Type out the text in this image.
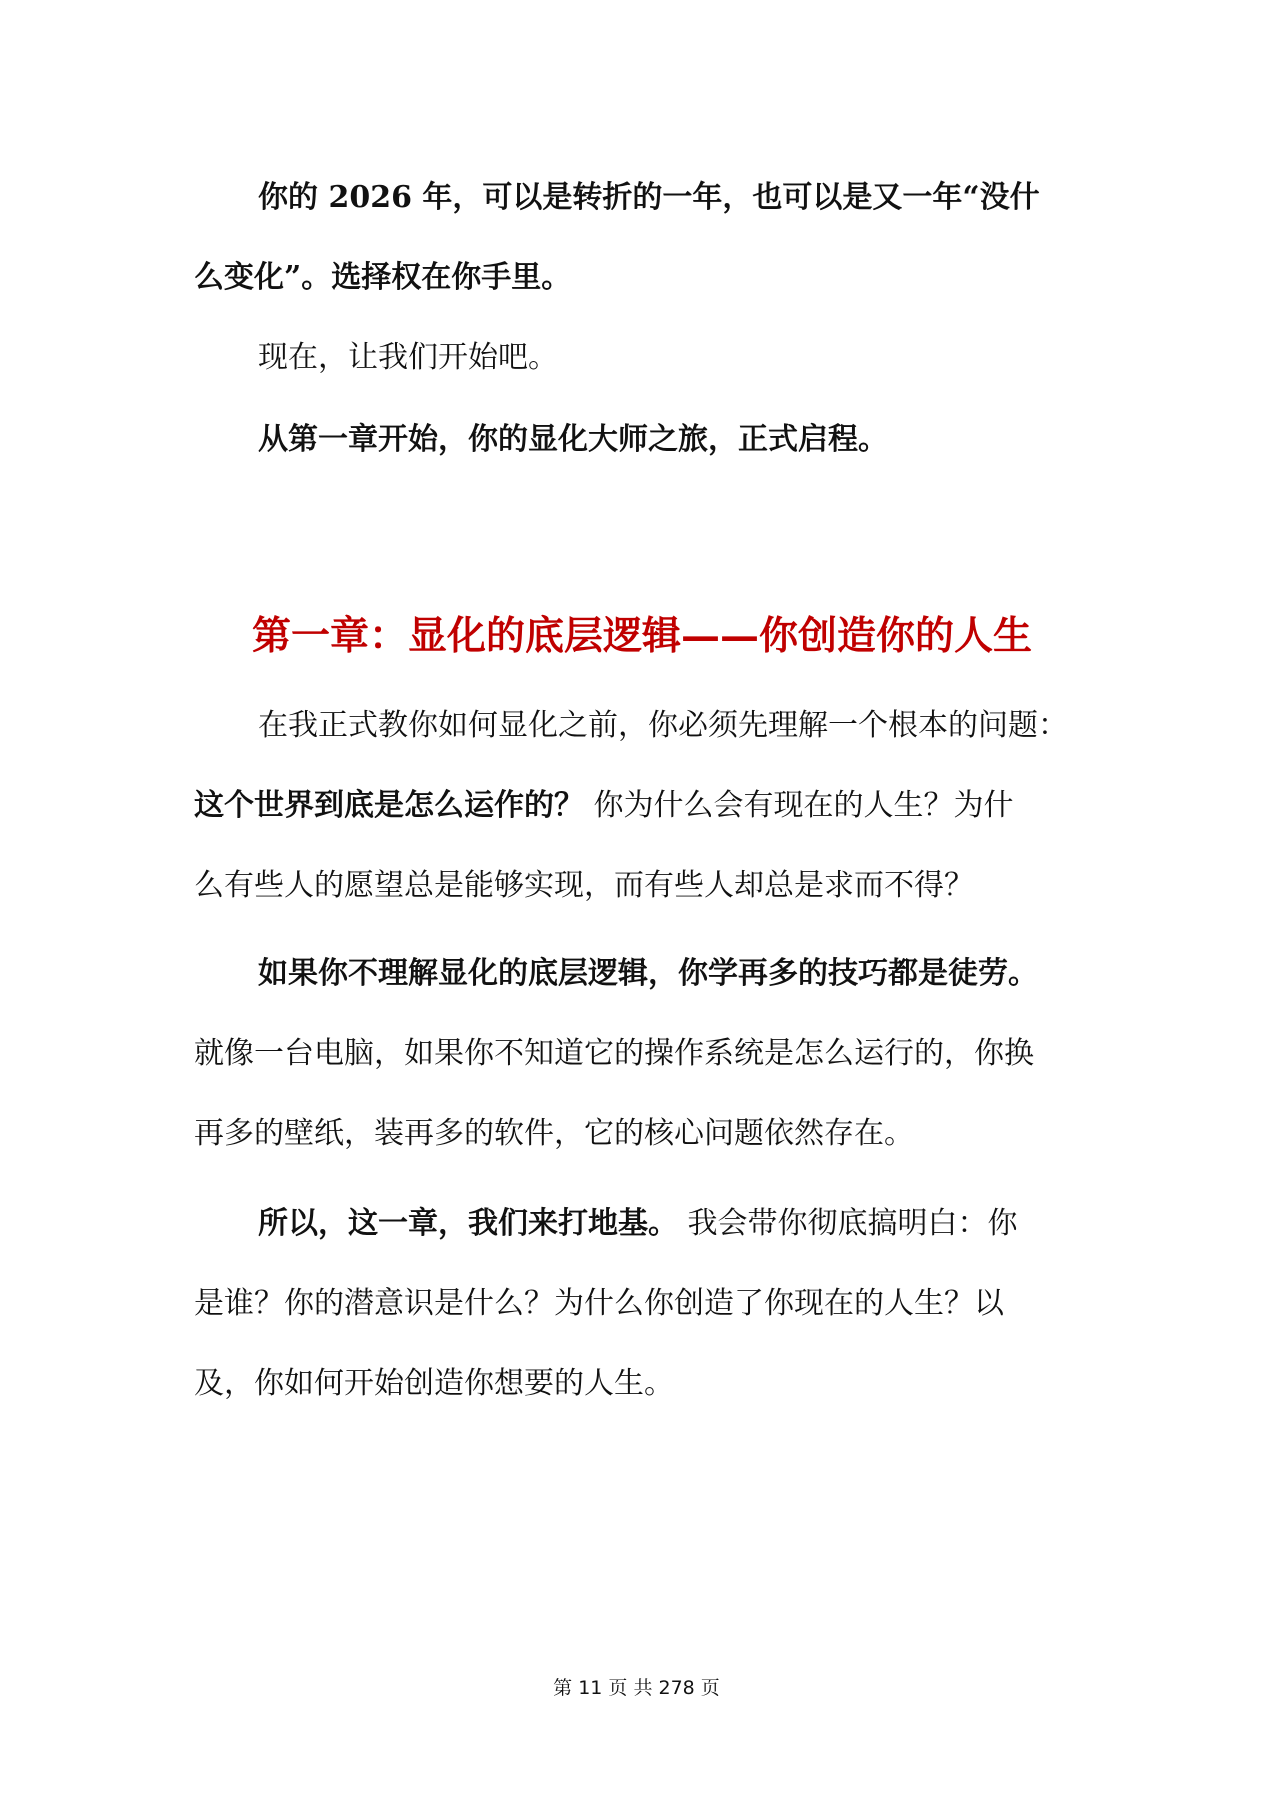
你的 2026 年，可以是转折的一年，也可以是又一年“没什
么变化”。选择权在你手里。
现在，让我们开始吧。
从第一章开始，你的显化大师之旅，正式启程。
第一章：显化的底层逻辑——你创造你的人生
在我正式教你如何显化之前，你必须先理解一个根本的问题：
这个世界到底是怎么运作的？ 你为什么会有现在的人生？为什
么有些人的愿望总是能够实现，而有些人却总是求而不得？
如果你不理解显化的底层逻辑，你学再多的技巧都是徒劳。
就像一台电脑，如果你不知道它的操作系统是怎么运行的，你换
再多的壁纸，装再多的软件，它的核心问题依然存在。
所以，这一章，我们来打地基。 我会带你彻底搞明白：你
是谁？你的潜意识是什么？为什么你创造了你现在的人生？以
及，你如何开始创造你想要的人生。
第 11 页 共 278 页
